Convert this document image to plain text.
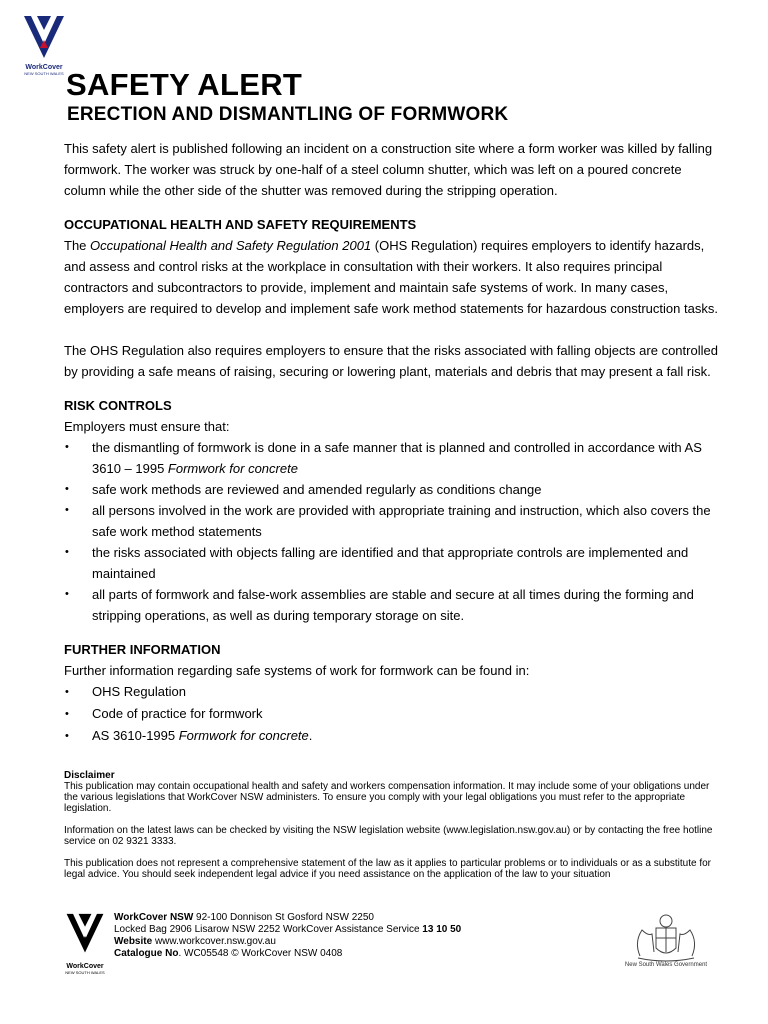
WorkCover
NEW SOUTH WALES SAFETY ALERT
ERECTION AND DISMANTLING OF FORMWORK

This safety alert is published following an incident on a construction site where a form worker was killed by falling formwork. The worker was struck by one-half of a steel column shutter, which was left on a poured concrete column while the other side of the shutter was removed during the stripping operation.

OCCUPATIONAL HEALTH AND SAFETY REQUIREMENTS

The Occupational Health and Safety Regulation 2001 (OHS Regulation) requires employers to identify hazards, and assess and control risks at the workplace in consultation with their workers. It also requires principal contractors and subcontractors to provide, implement and maintain safe systems of work. In many cases, employers are required to develop and implement safe work method statements for hazardous construction tasks.

The OHS Regulation also requires employers to ensure that the risks associated with falling objects are controlled by providing a safe means of raising, securing or lowering plant, materials and debris that may present a fall risk.

RISK CONTROLS

Employers must ensure that:

• the dismantling of formwork is done in a safe manner that is planned and controlled in accordance with AS 3610 – 1995 Formwork for concrete
• safe work methods are reviewed and amended regularly as conditions change
• all persons involved in the work are provided with appropriate training and instruction, which also covers the safe work method statements
• the risks associated with objects falling are identified and that appropriate controls are implemented and maintained
• all parts of formwork and false-work assemblies are stable and secure at all times during the forming and stripping operations, as well as during temporary storage on site.

FURTHER INFORMATION

Further information regarding safe systems of work for formwork can be found in:

• OHS Regulation
• Code of practice for formwork
• AS 3610-1995 Formwork for concrete.

Disclaimer

This publication may contain occupational health and safety and workers compensation information. It may include some of your obligations under the various legislations that WorkCover NSW administers. To ensure you comply with your legal obligations you must refer to the appropriate legislation.

Information on the latest laws can be checked by visiting the NSW legislation website (www.legislation.nsw.gov.au) or by contacting the free hotline service on 02 9321 3333.

This publication does not represent a comprehensive statement of the law as it applies to particular problems or to individuals or as a substitute for legal advice. You should seek independent legal advice if you need assistance on the application of the law to your situation

WorkCover
NEW SOUTH WALES

WorkCover NSW 92-100 Donnison St Gosford NSW 2250

Locked Bag 2906 Lisarow NSW 2252 WorkCover Assistance Service 13 10 50

Website www.workcover.nsw.gov.au

Catalogue No. WC05548 © WorkCover NSW 0408

New South Wales Government
